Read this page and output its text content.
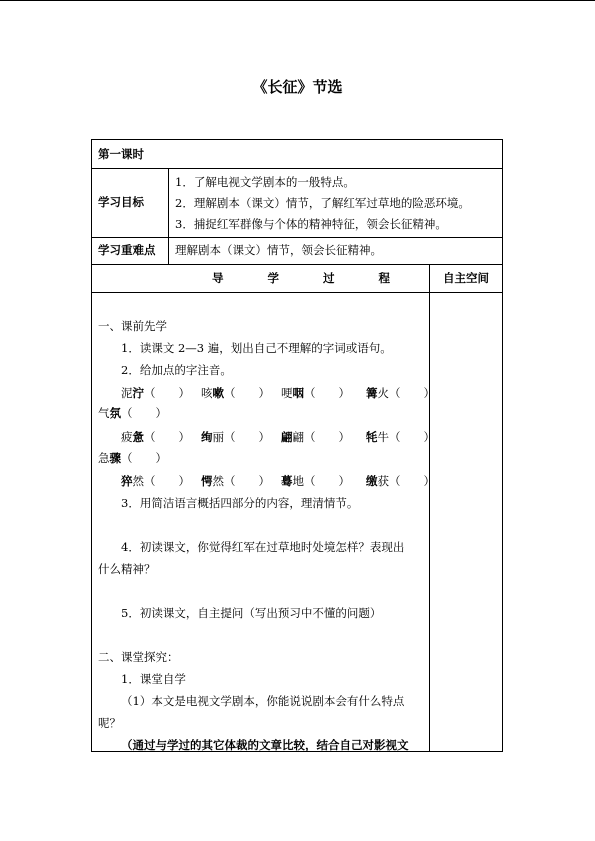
《长征》节选
第一课时
学习目标
1．了解电视文学剧本的一般特点。
2．理解剧本（课文）情节，了解红军过草地的险恶环境。
3．捕捉红军群像与个体的精神特征，领会长征精神。
学习重难点 理解剧本（课文）情节，领会长征精神。
导 学 过 程	自主空间
一、课前先学
1．读课文 2—3 遍，划出自己不理解的字词或语句。
2．给加点的字注音。
泥泞（　　） 咳嗽（　　） 哽咽（　　） 篝火（　　）
气氛（　　）
疲惫（　　） 绚丽（　　） 翩翩（　　） 牦牛（　　）
急骤（　　）
猝然（　　） 愕然（　　） 蓦地（　　） 缴获（　　）
3．用简洁语言概括四部分的内容，理清情节。
4．初读课文，你觉得红军在过草地时处境怎样？表现出
什么精神？
5．初读课文，自主提问（写出预习中不懂的问题）
二、课堂探究：
1．课堂自学
（1）本文是电视文学剧本，你能说说剧本会有什么特点
呢？
（通过与学过的其它体裁的文章比较，结合自己对影视文
